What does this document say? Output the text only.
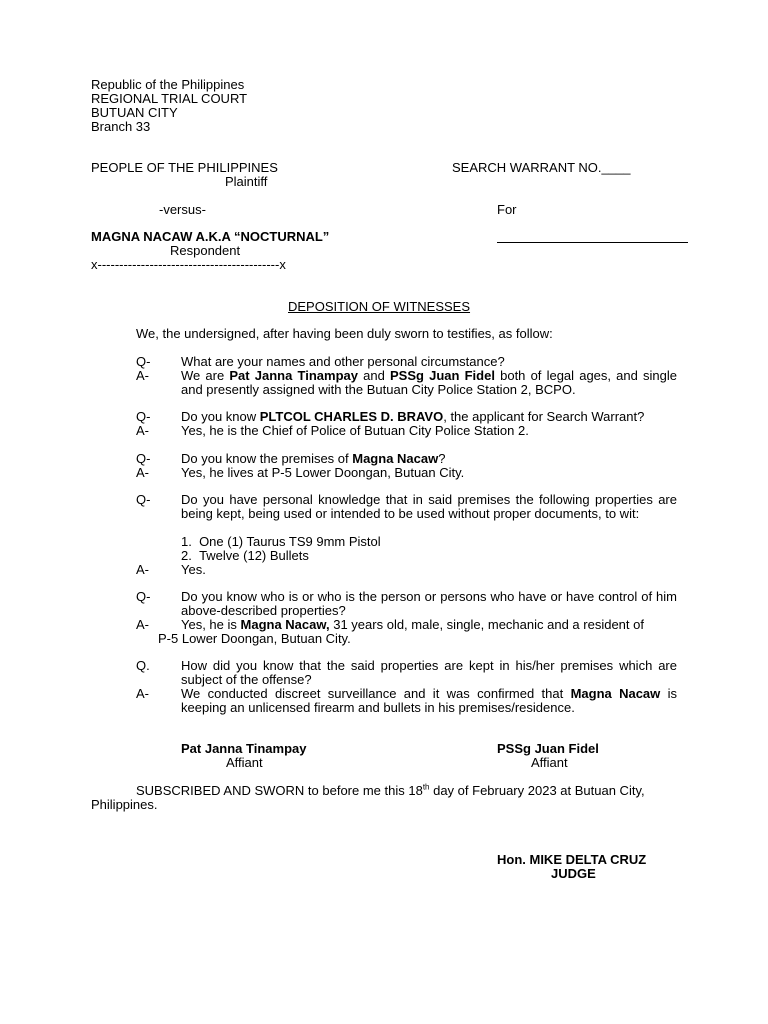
Republic of the Philippines
REGIONAL TRIAL COURT
BUTUAN CITY
Branch 33
PEOPLE OF THE PHILIPPINES
Plaintiff
-versus-
MAGNA NACAW A.K.A “NOCTURNAL”
Respondent
x------------------------------------------x
SEARCH WARRANT NO.____
For
DEPOSITION OF WITNESSES
We, the undersigned, after having been duly sworn to testifies, as follow:
Q- What are your names and other personal circumstance?
A- We are Pat Janna Tinampay and PSSg Juan Fidel both of legal ages, and single and presently assigned with the Butuan City Police Station 2, BCPO.
Q- Do you know PLTCOL CHARLES D. BRAVO, the applicant for Search Warrant?
A- Yes, he is the Chief of Police of Butuan City Police Station 2.
Q- Do you know the premises of Magna Nacaw?
A- Yes, he lives at P-5 Lower Doongan, Butuan City.
Q- Do you have personal knowledge that in said premises the following properties are being kept, being used or intended to be used without proper documents, to wit:
1.  One (1) Taurus TS9 9mm Pistol
2.  Twelve (12) Bullets
A- Yes.
Q- Do you know who is or who is the person or persons who have or have control of him above-described properties?
A- Yes, he is Magna Nacaw, 31 years old, male, single, mechanic and a resident of
P-5 Lower Doongan, Butuan City.
Q. How did you know that the said properties are kept in his/her premises which are subject of the offense?
A- We conducted discreet surveillance and it was confirmed that Magna Nacaw is keeping an unlicensed firearm and bullets in his premises/residence.
Pat Janna Tinampay
Affiant
PSSg Juan Fidel
Affiant
SUBSCRIBED AND SWORN to before me this 18th day of February 2023 at Butuan City,
Philippines.
Hon. MIKE DELTA CRUZ
JUDGE
